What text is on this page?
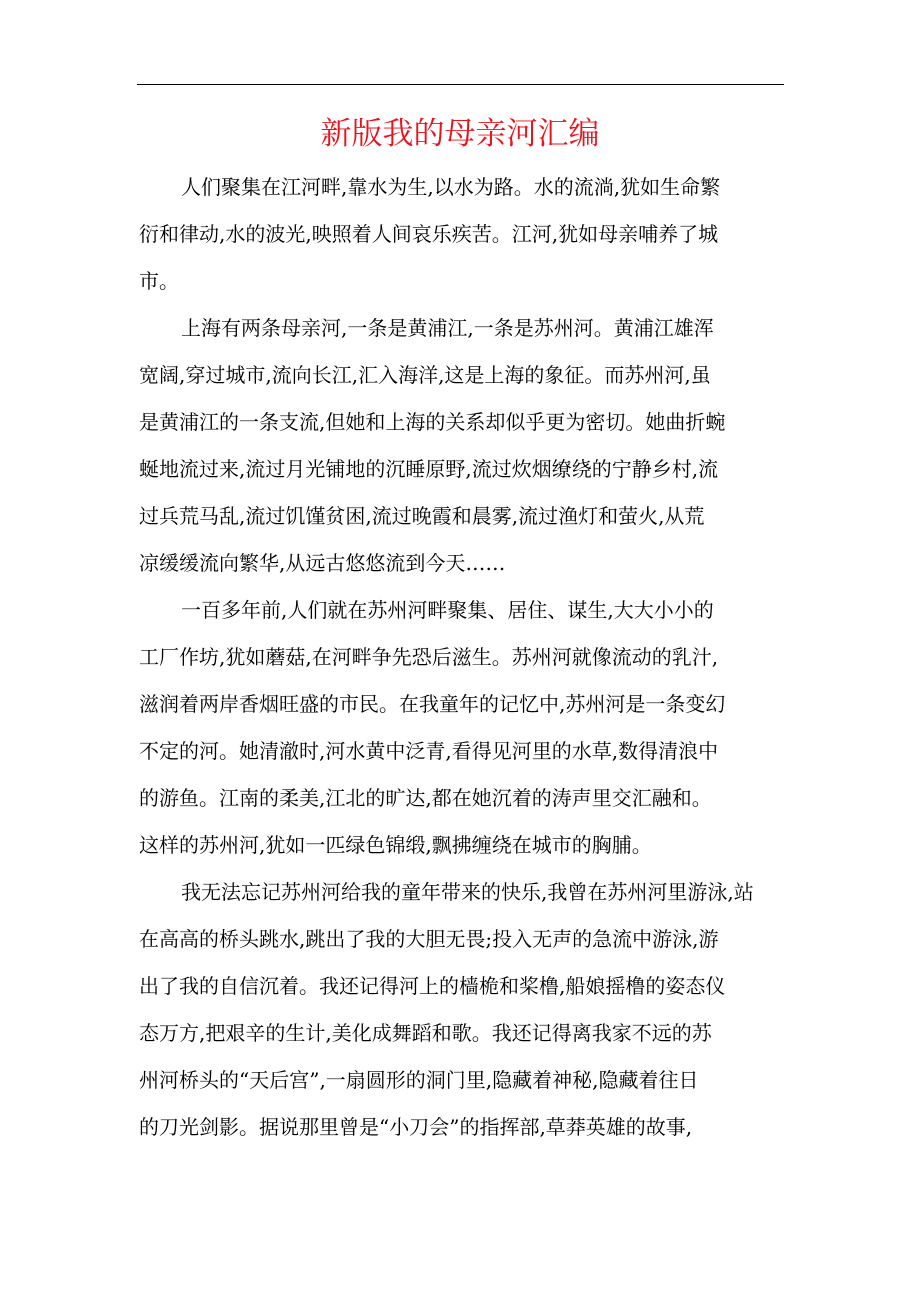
新版我的母亲河汇编
人们聚集在江河畔,靠水为生,以水为路。水的流淌,犹如生命繁
衍和律动,水的波光,映照着人间哀乐疾苦。江河,犹如母亲哺养了城
市。
上海有两条母亲河,一条是黄浦江,一条是苏州河。黄浦江雄浑
宽阔,穿过城市,流向长江,汇入海洋,这是上海的象征。而苏州河,虽
是黄浦江的一条支流,但她和上海的关系却似乎更为密切。她曲折蜿
蜒地流过来,流过月光铺地的沉睡原野,流过炊烟缭绕的宁静乡村,流
过兵荒马乱,流过饥馑贫困,流过晚霞和晨雾,流过渔灯和萤火,从荒
凉缓缓流向繁华,从远古悠悠流到今天……
一百多年前,人们就在苏州河畔聚集、居住、谋生,大大小小的
工厂作坊,犹如蘑菇,在河畔争先恐后滋生。苏州河就像流动的乳汁,
滋润着两岸香烟旺盛的市民。在我童年的记忆中,苏州河是一条变幻
不定的河。她清澈时,河水黄中泛青,看得见河里的水草,数得清浪中
的游鱼。江南的柔美,江北的旷达,都在她沉着的涛声里交汇融和。
这样的苏州河,犹如一匹绿色锦缎,飘拂缠绕在城市的胸脯。
我无法忘记苏州河给我的童年带来的快乐,我曾在苏州河里游泳,站
在高高的桥头跳水,跳出了我的大胆无畏;投入无声的急流中游泳,游
出了我的自信沉着。我还记得河上的樯桅和桨橹,船娘摇橹的姿态仪
态万方,把艰辛的生计,美化成舞蹈和歌。我还记得离我家不远的苏
州河桥头的“天后宫”,一扇圆形的洞门里,隐藏着神秘,隐藏着往日
的刀光剑影。据说那里曾是“小刀会”的指挥部,草莽英雄的故事,
